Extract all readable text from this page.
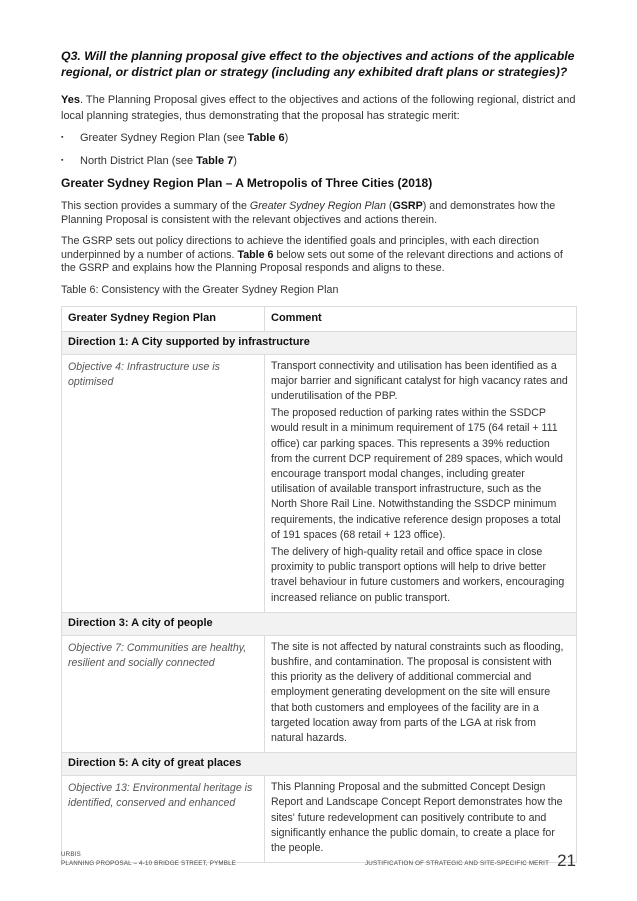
Q3. Will the planning proposal give effect to the objectives and actions of the applicable regional, or district plan or strategy (including any exhibited draft plans or strategies)?

Yes. The Planning Proposal gives effect to the objectives and actions of the following regional, district and local planning strategies, thus demonstrating that the proposal has strategic merit:

▪ Greater Sydney Region Plan (see Table 6)
▪ North District Plan (see Table 7)
Greater Sydney Region Plan – A Metropolis of Three Cities (2018)

This section provides a summary of the Greater Sydney Region Plan (GSRP) and demonstrates how the Planning Proposal is consistent with the relevant objectives and actions therein.

The GSRP sets out policy directions to achieve the identified goals and principles, with each direction underpinned by a number of actions. Table 6 below sets out some of the relevant directions and actions of the GSRP and explains how the Planning Proposal responds and aligns to these.

Table 6: Consistency with the Greater Sydney Region Plan

Greater Sydney Region Plan	Comment
Direction 1: A City supported by infrastructure	
Objective 4: Infrastructure use is optimised	Transport connectivity and utilisation has been identified as a major barrier and significant catalyst for high vacancy rates and underutilisation of the PBP.

The proposed reduction of parking rates within the SSDCP would result in a minimum requirement of 175 (64 retail + 111 office) car parking spaces. This represents a 39% reduction from the current DCP requirement of 289 spaces, which would encourage transport modal changes, including greater utilisation of available transport infrastructure, such as the North Shore Rail Line. Notwithstanding the SSDCP minimum requirements, the indicative reference design proposes a total of 191 spaces (68 retail + 123 office).

The delivery of high-quality retail and office space in close proximity to public transport options will help to drive better travel behaviour in future customers and workers, encouraging increased reliance on public transport.

Direction 3: A city of people	
Objective 7: Communities are healthy, resilient and socially connected	The site is not affected by natural constraints such as flooding, bushfire, and contamination. The proposal is consistent with this priority as the delivery of additional commercial and employment generating development on the site will ensure that both customers and employees of the facility are in a targeted location away from parts of the LGA at risk from natural hazards.

Direction 5: A city of great places	
Objective 13: Environmental heritage is identified, conserved and enhanced	This Planning Proposal and the submitted Concept Design Report and Landscape Concept Report demonstrates how the sites' future redevelopment can positively contribute to and significantly enhance the public domain, to create a place for the people.

URBIS
PLANNING PROPOSAL – 4-10 BRIDGE STREET, PYMBLE	JUSTIFICATION OF STRATEGIC AND SITE-SPECIFIC MERIT 21
